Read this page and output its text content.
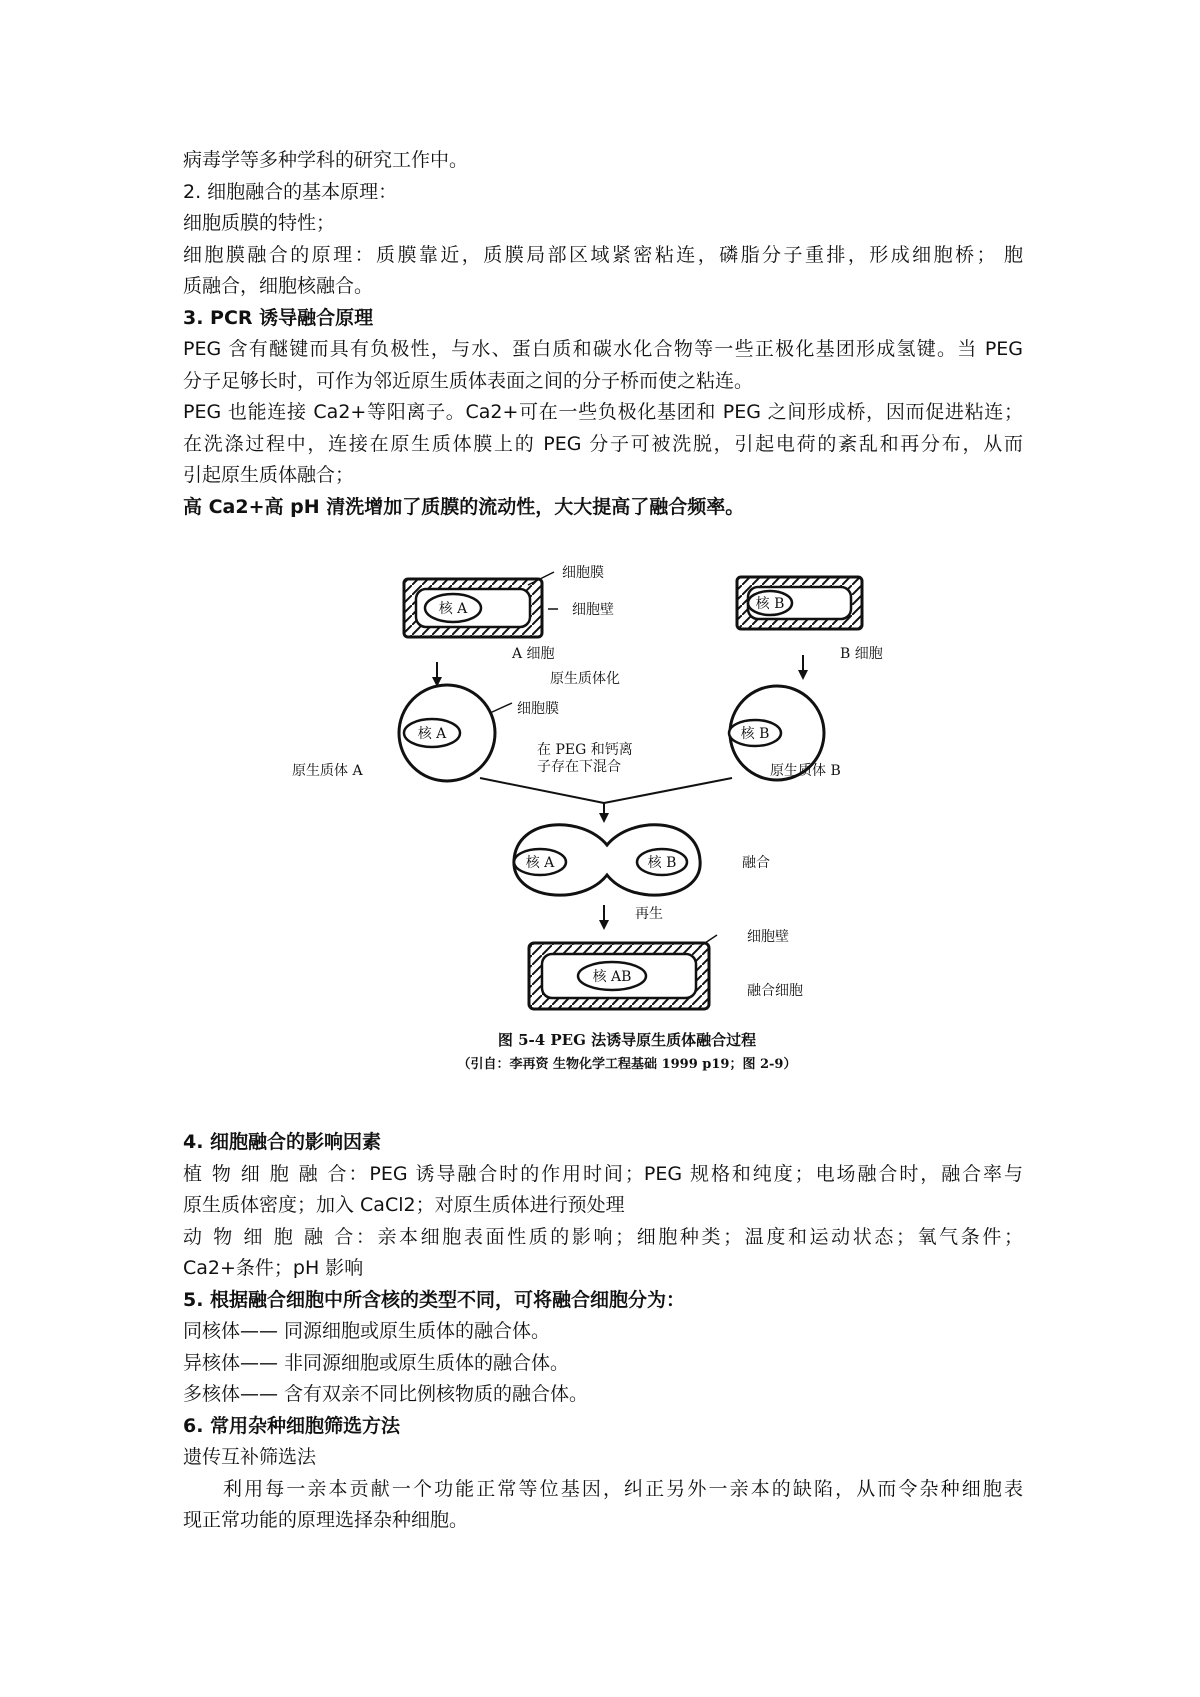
病毒学等多种学科的研究工作中。
2. 细胞融合的基本原理：
细胞质膜的特性；
细胞膜融合的原理：质膜靠近，质膜局部区域紧密粘连，磷脂分子重排，形成细胞桥； 胞
质融合，细胞核融合。
3. PCR 诱导融合原理
PEG 含有醚键而具有负极性，与水、蛋白质和碳水化合物等一些正极化基团形成氢键。当 PEG
分子足够长时，可作为邻近原生质体表面之间的分子桥而使之粘连。
PEG 也能连接 Ca2+等阳离子。Ca2+可在一些负极化基团和 PEG 之间形成桥，因而促进粘连；
在洗涤过程中，连接在原生质体膜上的 PEG 分子可被洗脱，引起电荷的紊乱和再分布，从而
引起原生质体融合；
高 Ca2+高 pH 清洗增加了质膜的流动性，大大提高了融合频率。
4. 细胞融合的影响因素
植 物 细 胞 融 合：PEG 诱导融合时的作用时间；PEG 规格和纯度；电场融合时，融合率与
原生质体密度；加入 CaCl2；对原生质体进行预处理
动 物 细 胞 融 合：亲本细胞表面性质的影响；细胞种类；温度和运动状态；氧气条件；
Ca2+条件；pH 影响
5. 根据融合细胞中所含核的类型不同，可将融合细胞分为：
同核体—— 同源细胞或原生质体的融合体。
异核体—— 非同源细胞或原生质体的融合体。
多核体—— 含有双亲不同比例核物质的融合体。
6. 常用杂种细胞筛选方法
遗传互补筛选法
利用每一亲本贡献一个功能正常等位基因，纠正另外一亲本的缺陷，从而令杂种细胞表
现正常功能的原理选择杂种细胞。
核 A
细胞膜
细胞壁
A 细胞
核 B
B 细胞
原生质体化
核 A
细胞膜
原生质体 A
核 B
原生质体 B
在 PEG 和钙离
子存在下混合
核 A	核 B	融合
再生
核 AB
细胞壁
融合细胞
图 5-4 PEG 法诱导原生质体融合过程
（引自：李再资 生物化学工程基础 1999 p19；图 2-9）
